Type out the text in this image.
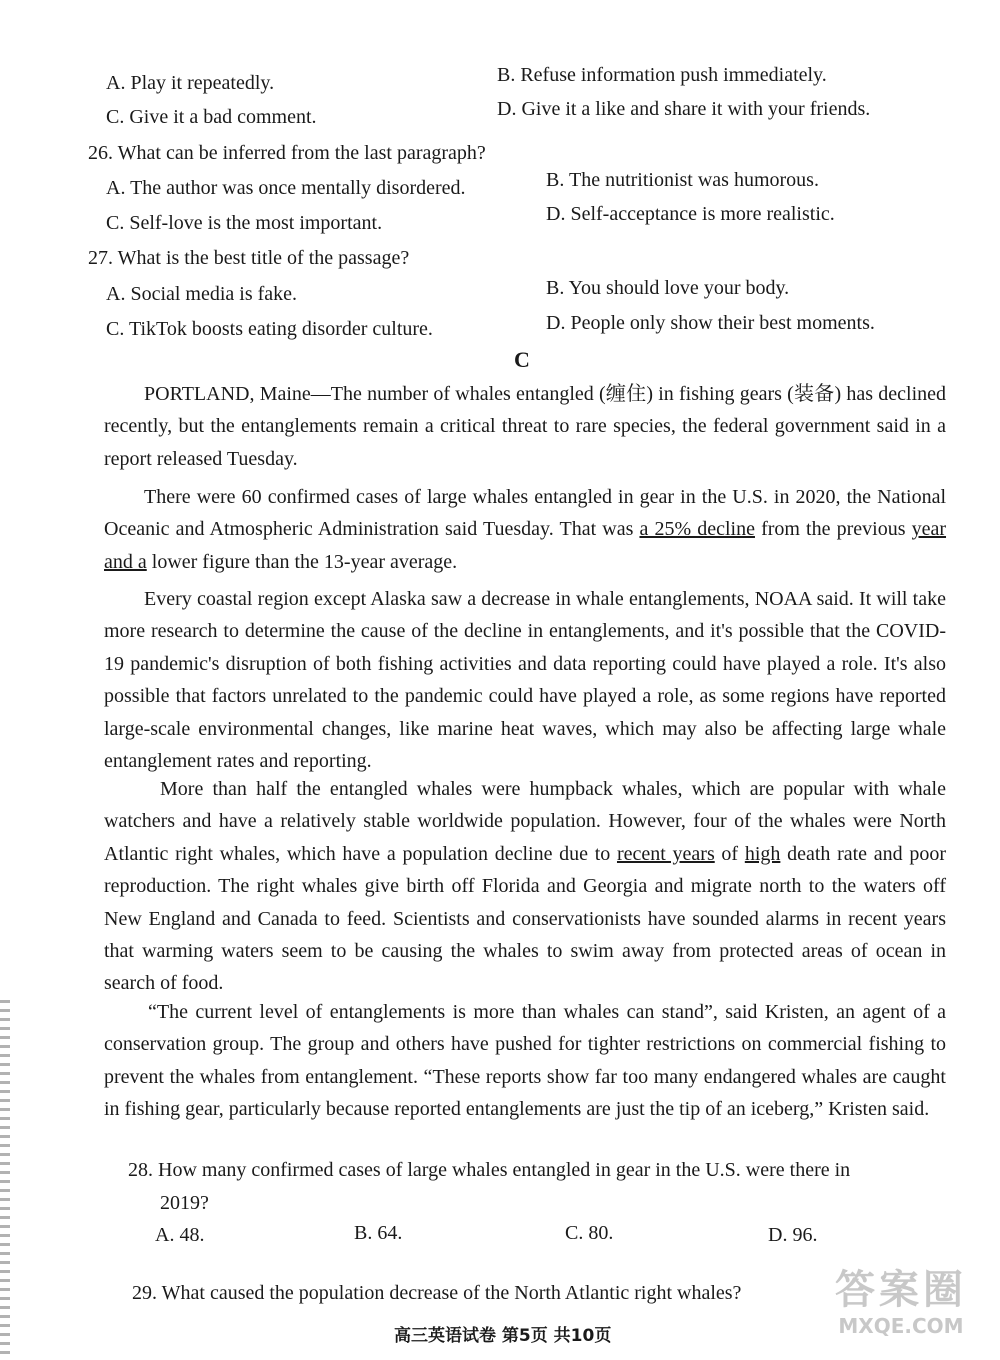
A. Play it repeatedly.	B. Refuse information push immediately.
C. Give it a bad comment.	D. Give it a like and share it with your friends.
26. What can be inferred from the last paragraph?
A. The author was once mentally disordered.	B. The nutritionist was humorous.
C. Self-love is the most important.	D. Self-acceptance is more realistic.
27. What is the best title of the passage?
A. Social media is fake.	B. You should love your body.
C. TikTok boosts eating disorder culture.	D. People only show their best moments.
C
PORTLAND, Maine—The number of whales entangled (缠住) in fishing gears (装备) has declined recently, but the entanglements remain a critical threat to rare species, the federal government said in a report released Tuesday.
There were 60 confirmed cases of large whales entangled in gear in the U.S. in 2020, the National Oceanic and Atmospheric Administration said Tuesday. That was a 25% decline from the previous year and a lower figure than the 13-year average.
Every coastal region except Alaska saw a decrease in whale entanglements, NOAA said. It will take more research to determine the cause of the decline in entanglements, and it's possible that the COVID-19 pandemic's disruption of both fishing activities and data reporting could have played a role. It's also possible that factors unrelated to the pandemic could have played a role, as some regions have reported large-scale environmental changes, like marine heat waves, which may also be affecting large whale entanglement rates and reporting.
More than half the entangled whales were humpback whales, which are popular with whale watchers and have a relatively stable worldwide population. However, four of the whales were North Atlantic right whales, which have a population decline due to recent years of high death rate and poor reproduction. The right whales give birth off Florida and Georgia and migrate north to the waters off New England and Canada to feed. Scientists and conservationists have sounded alarms in recent years that warming waters seem to be causing the whales to swim away from protected areas of ocean in search of food.
“The current level of entanglements is more than whales can stand”, said Kristen, an agent of a conservation group. The group and others have pushed for tighter restrictions on commercial fishing to prevent the whales from entanglement. “These reports show far too many endangered whales are caught in fishing gear, particularly because reported entanglements are just the tip of an iceberg,” Kristen said.
28. How many confirmed cases of large whales entangled in gear in the U.S. were there in
2019?
A. 48.	B. 64.	C. 80.	D. 96.
29. What caused the population decrease of the North Atlantic right whales?
高三英语试卷 第5页 共10页
答案圈
MXQE.COM
